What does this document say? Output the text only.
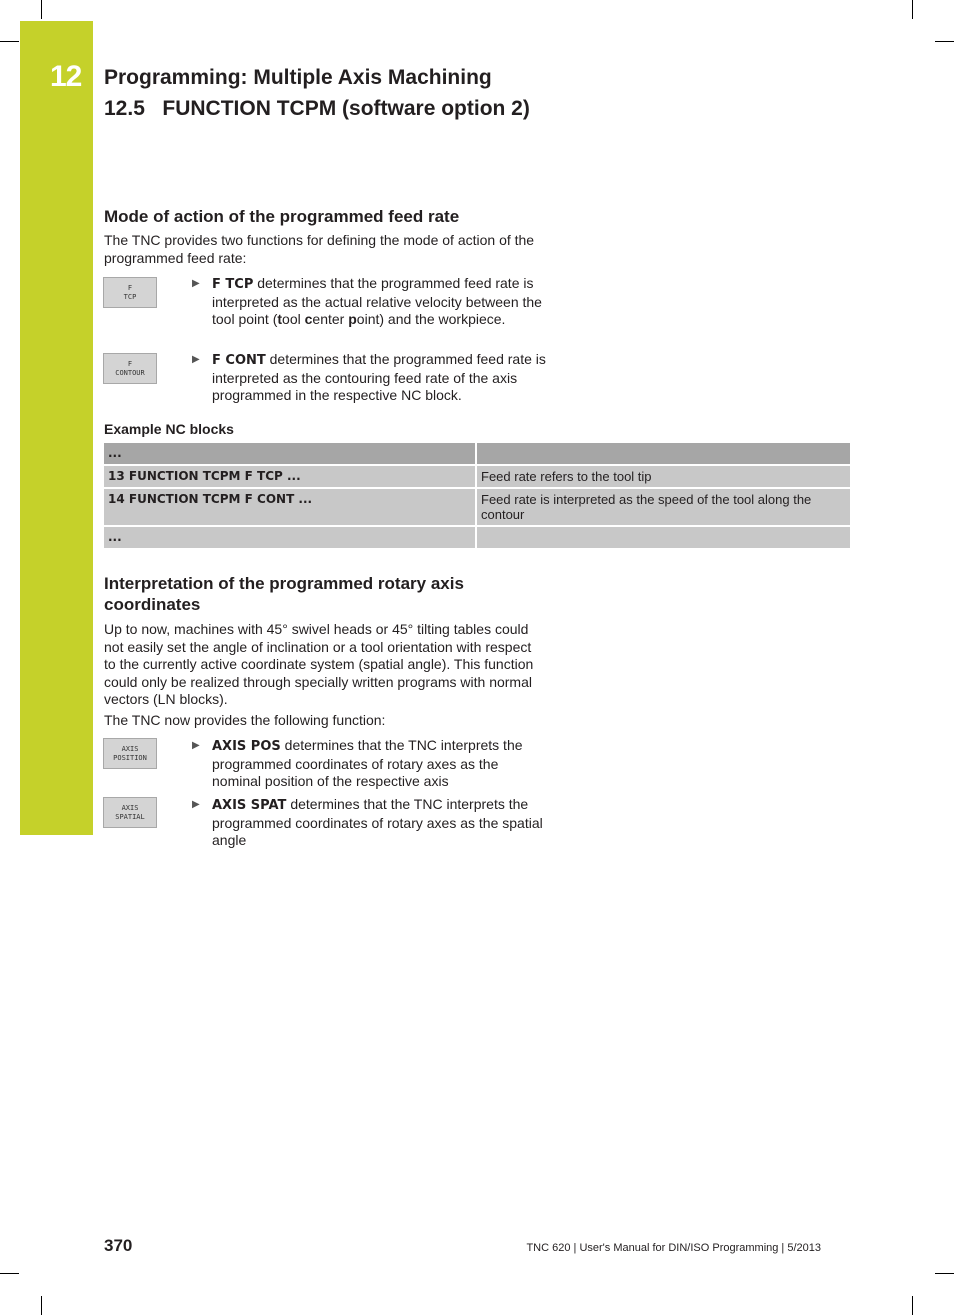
12 Programming: Multiple Axis Machining
12.5   FUNCTION TCPM (software option 2)
Mode of action of the programmed feed rate
The TNC provides two functions for defining the mode of action of the programmed feed rate:
F
TCP
▶ F TCP determines that the programmed feed rate is interpreted as the actual relative velocity between the tool point (tool center point) and the workpiece.
F
CONTOUR
▶ F CONT determines that the programmed feed rate is interpreted as the contouring feed rate of the axis programmed in the respective NC block.
Example NC blocks
...
13 FUNCTION TCPM F TCP ...	Feed rate refers to the tool tip
14 FUNCTION TCPM F CONT ...	Feed rate is interpreted as the speed of the tool along the contour
...
Interpretation of the programmed rotary axis
coordinates
Up to now, machines with 45° swivel heads or 45° tilting tables could not easily set the angle of inclination or a tool orientation with respect to the currently active coordinate system (spatial angle). This function could only be realized through specially written programs with normal vectors (LN blocks).
The TNC now provides the following function:
AXIS
POSITION
▶ AXIS POS determines that the TNC interprets the programmed coordinates of rotary axes as the nominal position of the respective axis
AXIS
SPATIAL
▶ AXIS SPAT determines that the TNC interprets the programmed coordinates of rotary axes as the spatial angle
370	TNC 620 | User's Manual for DIN/ISO Programming | 5/2013
